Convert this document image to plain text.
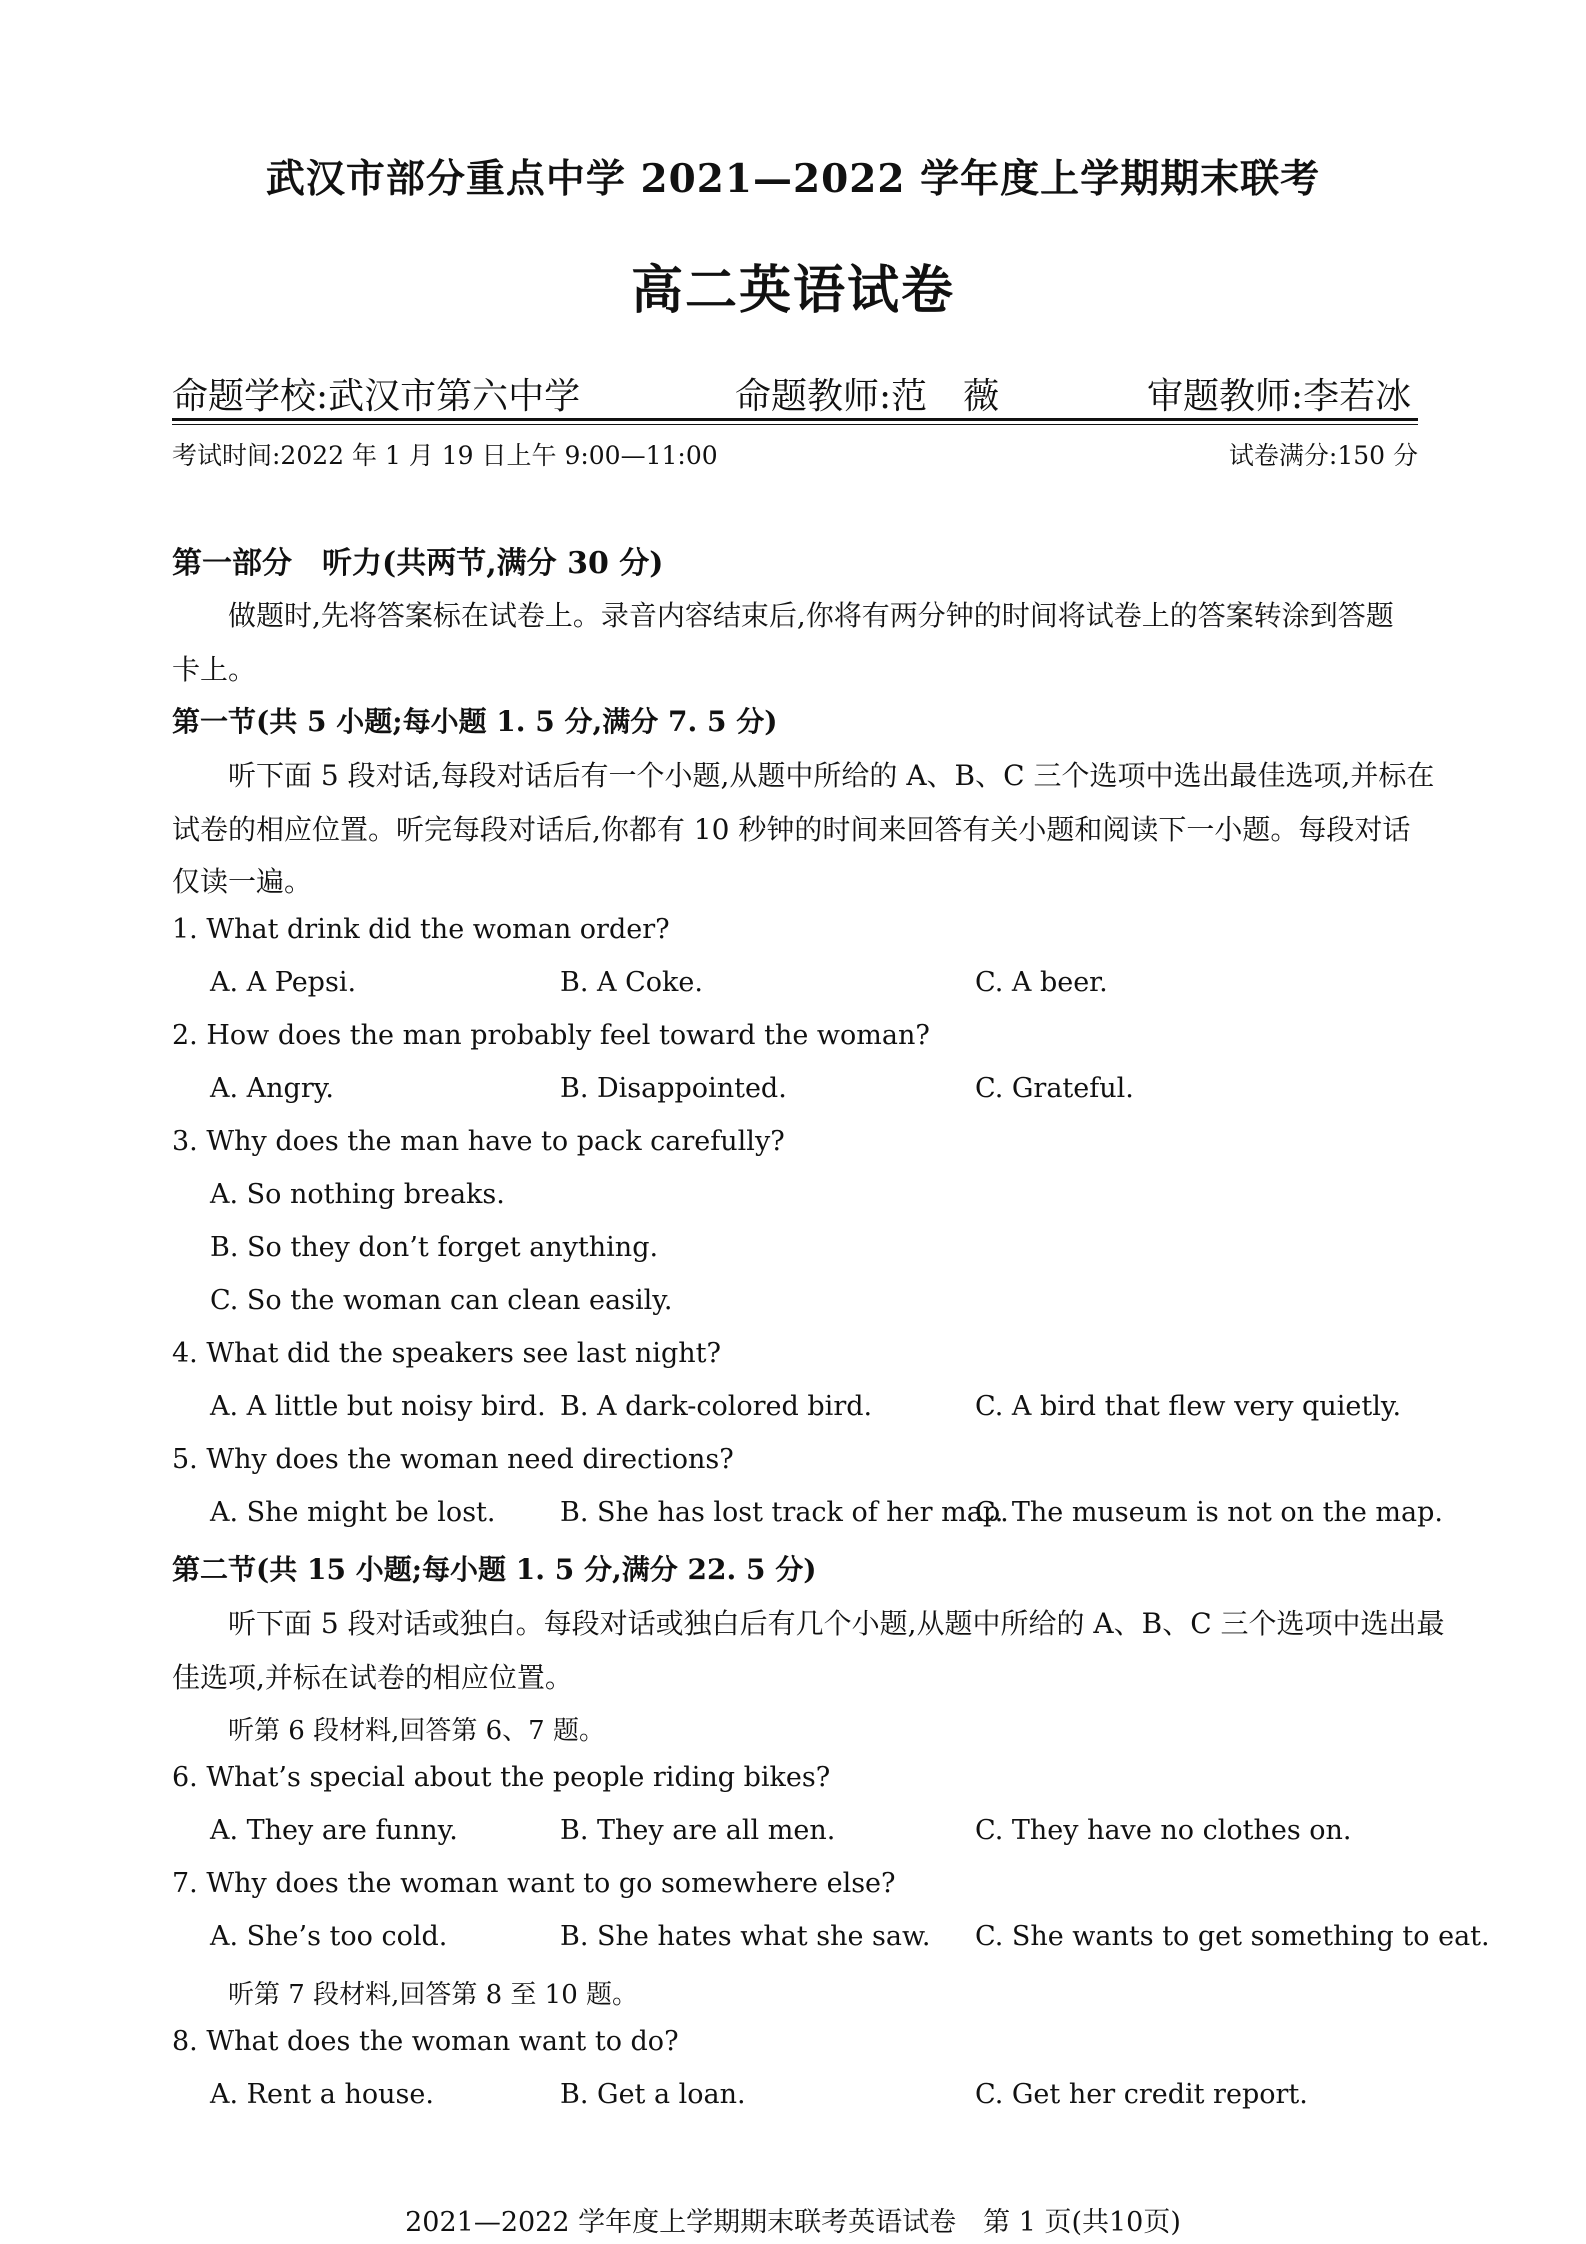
武汉市部分重点中学 2021—2022 学年度上学期期末联考
高二英语试卷
命题学校:武汉市第六中学	命题教师:范　薇	审题教师:李若冰
考试时间:2022 年 1 月 19 日上午 9:00—11:00	试卷满分:150 分
第一部分　听力(共两节,满分 30 分)
做题时,先将答案标在试卷上。录音内容结束后,你将有两分钟的时间将试卷上的答案转涂到答题
卡上。
第一节(共 5 小题;每小题 1. 5 分,满分 7. 5 分)
听下面 5 段对话,每段对话后有一个小题,从题中所给的 A、B、C 三个选项中选出最佳选项,并标在
试卷的相应位置。听完每段对话后,你都有 10 秒钟的时间来回答有关小题和阅读下一小题。每段对话
仅读一遍。
1. What drink did the woman order?
A. A Pepsi.	B. A Coke.	C. A beer.
2. How does the man probably feel toward the woman?
A. Angry.	B. Disappointed.	C. Grateful.
3. Why does the man have to pack carefully?
A. So nothing breaks.
B. So they don’t forget anything.
C. So the woman can clean easily.
4. What did the speakers see last night?
A. A little but noisy bird. B. A dark-colored bird.	C. A bird that flew very quietly.
5. Why does the woman need directions?
A. She might be lost. B. She has lost track of her map.
C. The museum is not on the map.
第二节(共 15 小题;每小题 1. 5 分,满分 22. 5 分)
听下面 5 段对话或独白。每段对话或独白后有几个小题,从题中所给的 A、B、C 三个选项中选出最
佳选项,并标在试卷的相应位置。
听第 6 段材料,回答第 6、7 题。
6. What’s special about the people riding bikes?
A. They are funny.	B. They are all men.	C. They have no clothes on.
7. Why does the woman want to go somewhere else?
A. She’s too cold.	B. She hates what she saw. C. She wants to get something to eat.
听第 7 段材料,回答第 8 至 10 题。
8. What does the woman want to do?
A. Rent a house.	B. Get a loan.	C. Get her credit report.
2021—2022 学年度上学期期末联考英语试卷　第 1 页(共10页)
